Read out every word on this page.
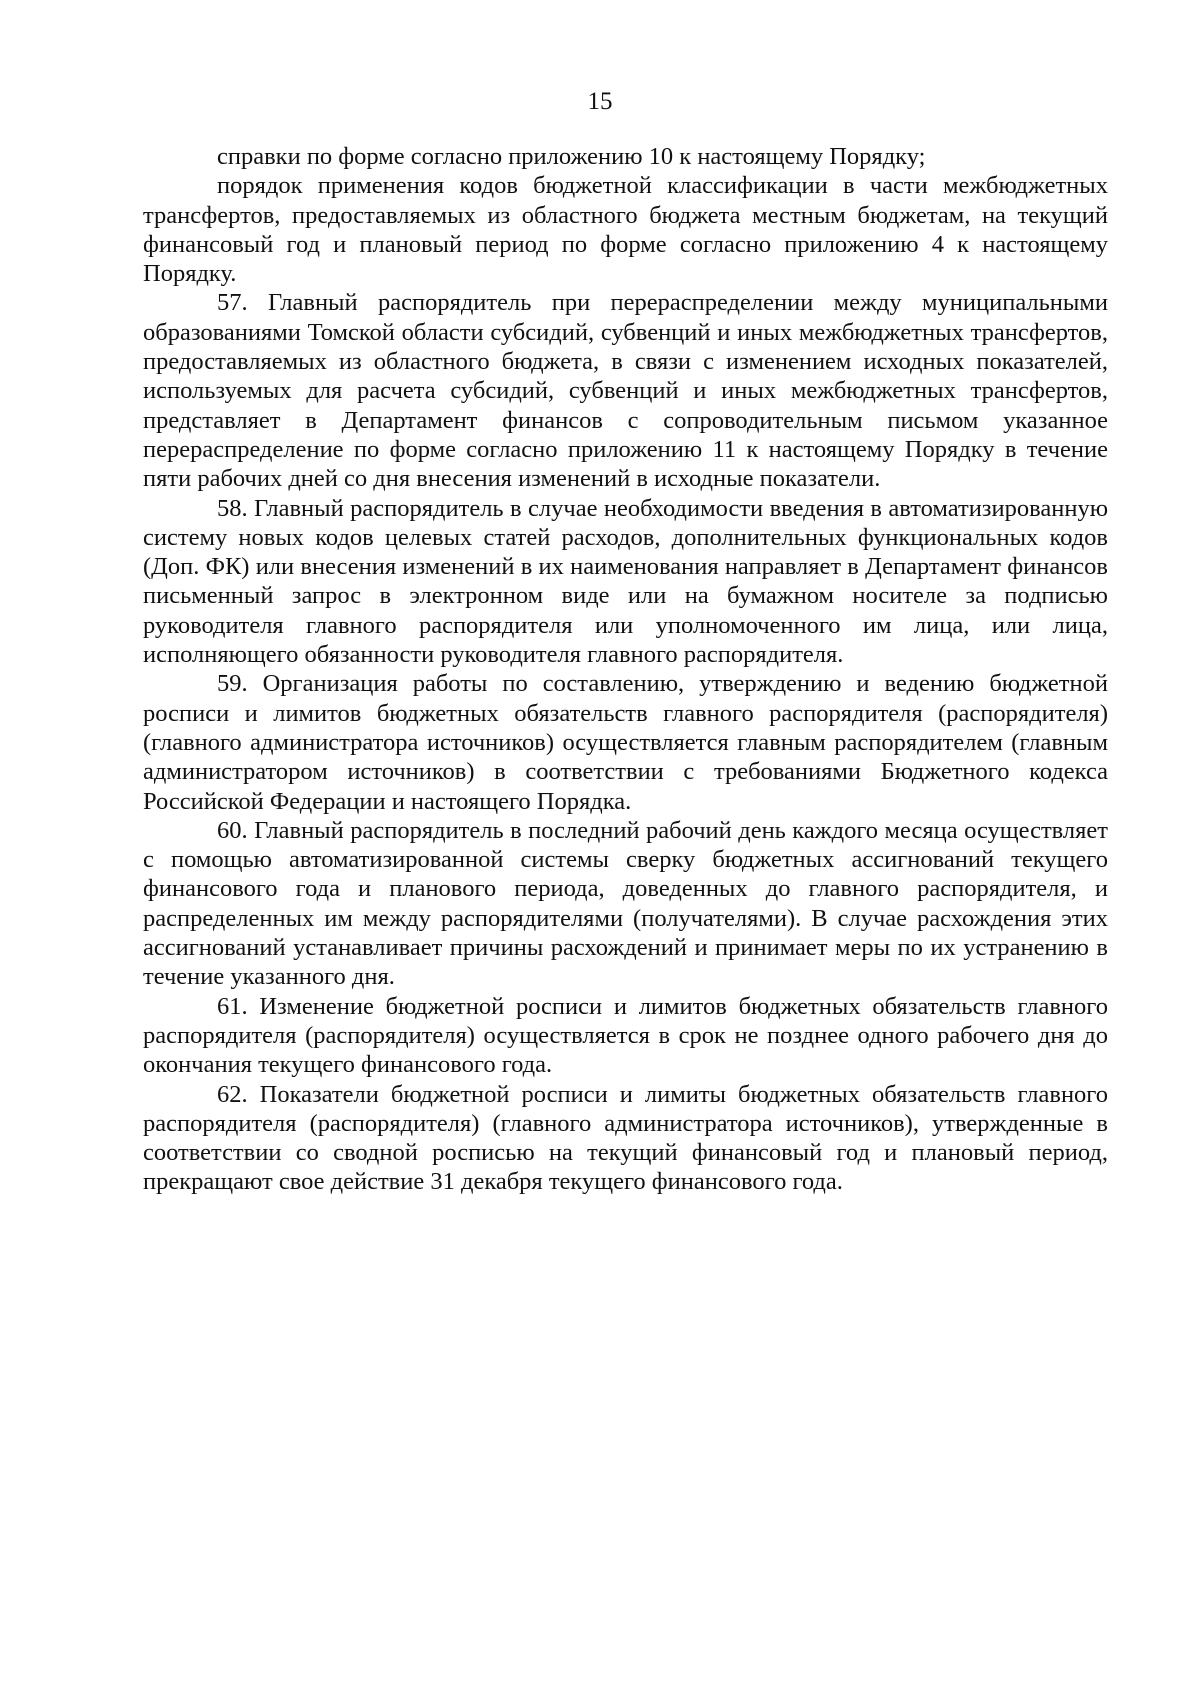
15

справки по форме согласно приложению 10 к настоящему Порядку;

порядок применения кодов бюджетной классификации в части межбюджетных трансфертов, предоставляемых из областного бюджета местным бюджетам, на текущий финансовый год и плановый период по форме согласно приложению 4 к настоящему Порядку.

57. Главный распорядитель при перераспределении между муниципальными образованиями Томской области субсидий, субвенций и иных межбюджетных трансфертов, предоставляемых из областного бюджета, в связи с изменением исходных показателей, используемых для расчета субсидий, субвенций и иных межбюджетных трансфертов, представляет в Департамент финансов с сопроводительным письмом указанное перераспределение по форме согласно приложению 11 к настоящему Порядку в течение пяти рабочих дней со дня внесения изменений в исходные показатели.

58. Главный распорядитель в случае необходимости введения в автоматизированную систему новых кодов целевых статей расходов, дополнительных функциональных кодов (Доп. ФК) или внесения изменений в их наименования направляет в Департамент финансов письменный запрос в электронном виде или на бумажном носителе за подписью руководителя главного распорядителя или уполномоченного им лица, или лица, исполняющего обязанности руководителя главного распорядителя.

59. Организация работы по составлению, утверждению и ведению бюджетной росписи и лимитов бюджетных обязательств главного распорядителя (распорядителя) (главного администратора источников) осуществляется главным распорядителем (главным администратором источников) в соответствии с требованиями Бюджетного кодекса Российской Федерации и настоящего Порядка.

60. Главный распорядитель в последний рабочий день каждого месяца осуществляет с помощью автоматизированной системы сверку бюджетных ассигнований текущего финансового года и планового периода, доведенных до главного распорядителя, и распределенных им между распорядителями (получателями). В случае расхождения этих ассигнований устанавливает причины расхождений и принимает меры по их устранению в течение указанного дня.

61. Изменение бюджетной росписи и лимитов бюджетных обязательств главного распорядителя (распорядителя) осуществляется в срок не позднее одного рабочего дня до окончания текущего финансового года.

62. Показатели бюджетной росписи и лимиты бюджетных обязательств главного распорядителя (распорядителя) (главного администратора источников), утвержденные в соответствии со сводной росписью на текущий финансовый год и плановый период, прекращают свое действие 31 декабря текущего финансового года.
